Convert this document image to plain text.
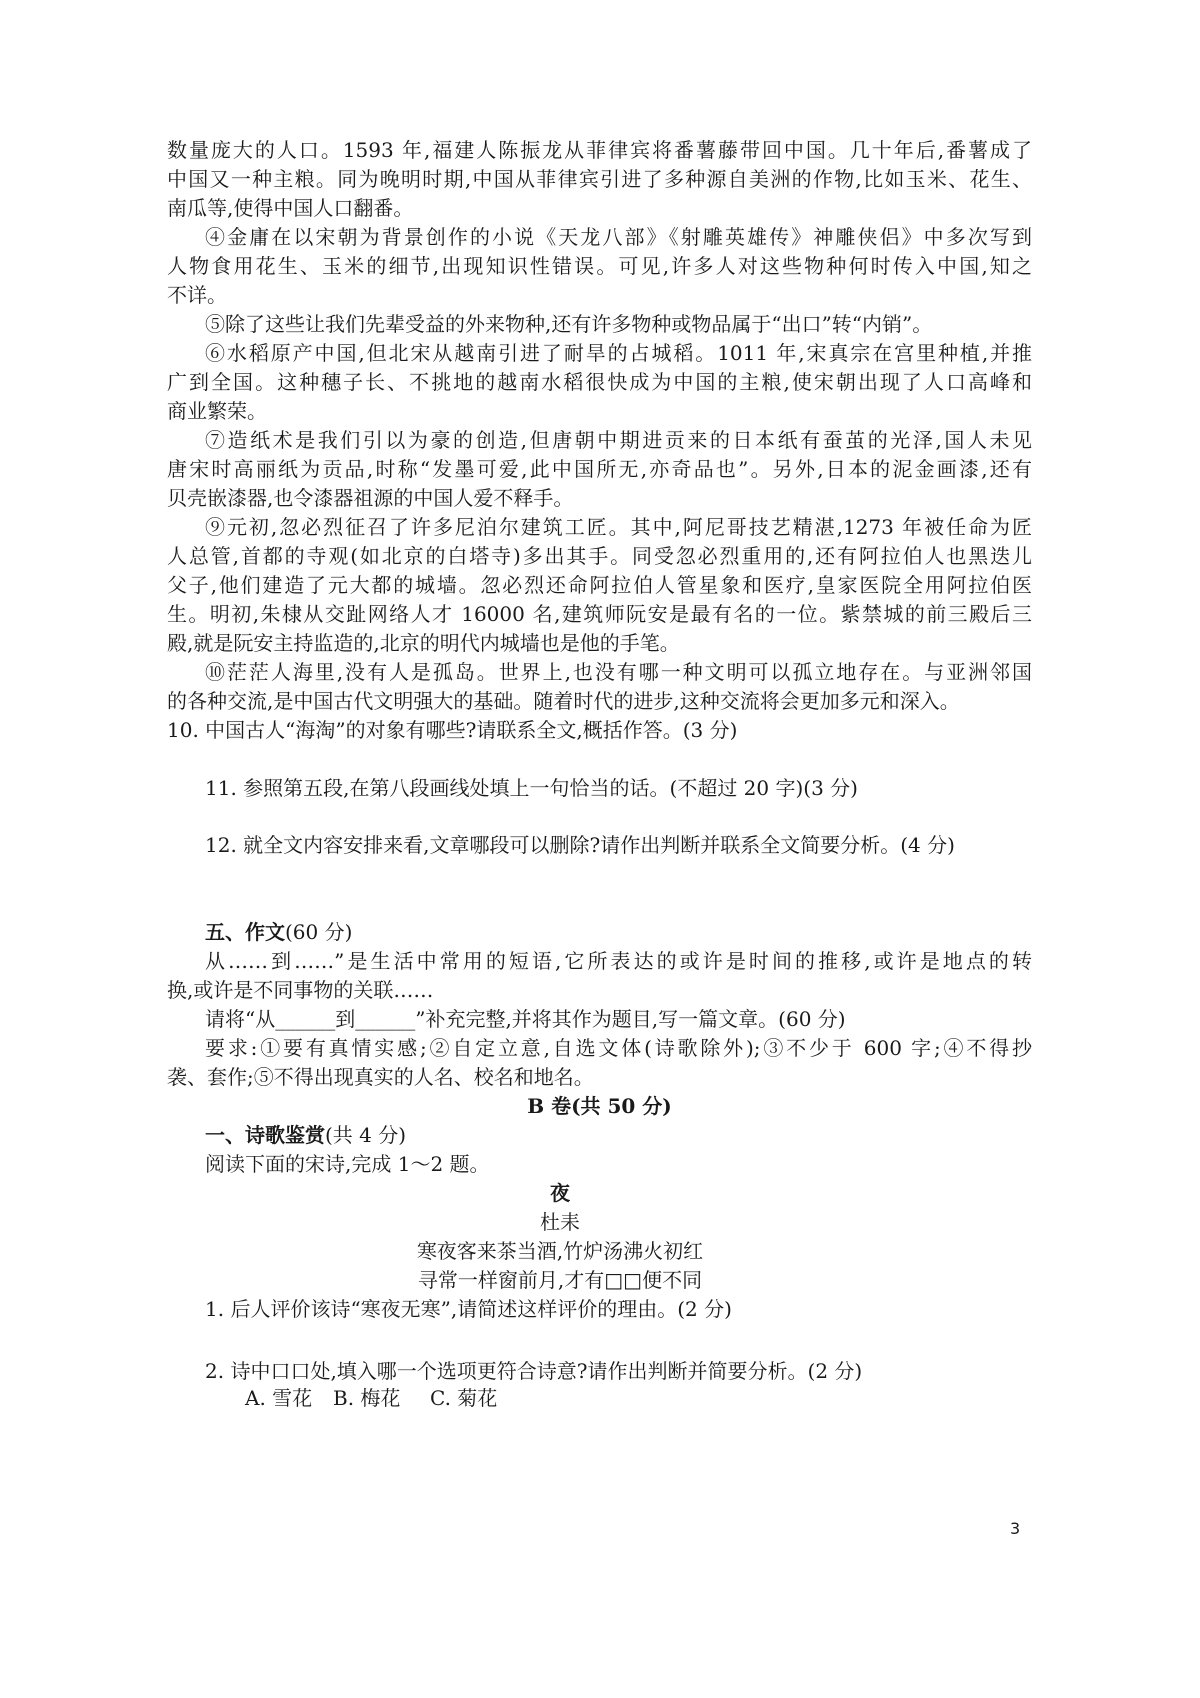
数量庞大的人口。1593 年,福建人陈振龙从菲律宾将番薯藤带回中国。几十年后,番薯成了
中国又一种主粮。同为晚明时期,中国从菲律宾引进了多种源自美洲的作物,比如玉米、花生、
南瓜等,使得中国人口翻番。
④金庸在以宋朝为背景创作的小说《天龙八部》《射雕英雄传》神雕侠侣》中多次写到
人物食用花生、玉米的细节,出现知识性错误。可见,许多人对这些物种何时传入中国,知之
不详。
⑤除了这些让我们先辈受益的外来物种,还有许多物种或物品属于“出口”转“内销”。
⑥水稻原产中国,但北宋从越南引进了耐旱的占城稻。1011 年,宋真宗在宫里种植,并推
广到全国。这种穗子长、不挑地的越南水稻很快成为中国的主粮,使宋朝出现了人口高峰和
商业繁荣。
⑦造纸术是我们引以为豪的创造,但唐朝中期进贡来的日本纸有蚕茧的光泽,国人未见
唐宋时高丽纸为贡品,时称“发墨可爱,此中国所无,亦奇品也”。另外,日本的泥金画漆,还有
贝壳嵌漆器,也令漆器祖源的中国人爱不释手。
⑨元初,忽必烈征召了许多尼泊尔建筑工匠。其中,阿尼哥技艺精湛,1273 年被任命为匠
人总管,首都的寺观(如北京的白塔寺)多出其手。同受忽必烈重用的,还有阿拉伯人也黑迭儿
父子,他们建造了元大都的城墙。忽必烈还命阿拉伯人管星象和医疗,皇家医院全用阿拉伯医
生。明初,朱棣从交趾网络人才 16000 名,建筑师阮安是最有名的一位。紫禁城的前三殿后三
殿,就是阮安主持监造的,北京的明代内城墙也是他的手笔。
⑩茫茫人海里,没有人是孤岛。世界上,也没有哪一种文明可以孤立地存在。与亚洲邻国
的各种交流,是中国古代文明强大的基础。随着时代的进步,这种交流将会更加多元和深入。
10. 中国古人“海淘”的对象有哪些?请联系全文,概括作答。(3 分)
11. 参照第五段,在第八段画线处填上一句恰当的话。(不超过 20 字)(3 分)
12. 就全文内容安排来看,文章哪段可以删除?请作出判断并联系全文简要分析。(4 分)
五、作文(60 分)
从……到……”是生活中常用的短语,它所表达的或许是时间的推移,或许是地点的转
换,或许是不同事物的关联……
请将“从______到______”补充完整,并将其作为题目,写一篇文章。(60 分)
要求:①要有真情实感;②自定立意,自选文体(诗歌除外);③不少于 600 字;④不得抄
袭、套作;⑤不得出现真实的人名、校名和地名。
B 卷(共 50 分)
一、诗歌鉴赏(共 4 分)
阅读下面的宋诗,完成 1～2 题。
夜
杜耒
寒夜客来茶当酒,竹炉汤沸火初红
寻常一样窗前月,才有□□便不同
1. 后人评价该诗“寒夜无寒”,请简述这样评价的理由。(2 分)
2. 诗中口口处,填入哪一个选项更符合诗意?请作出判断并简要分析。(2 分)
A. 雪花 B. 梅花 C. 菊花
3
